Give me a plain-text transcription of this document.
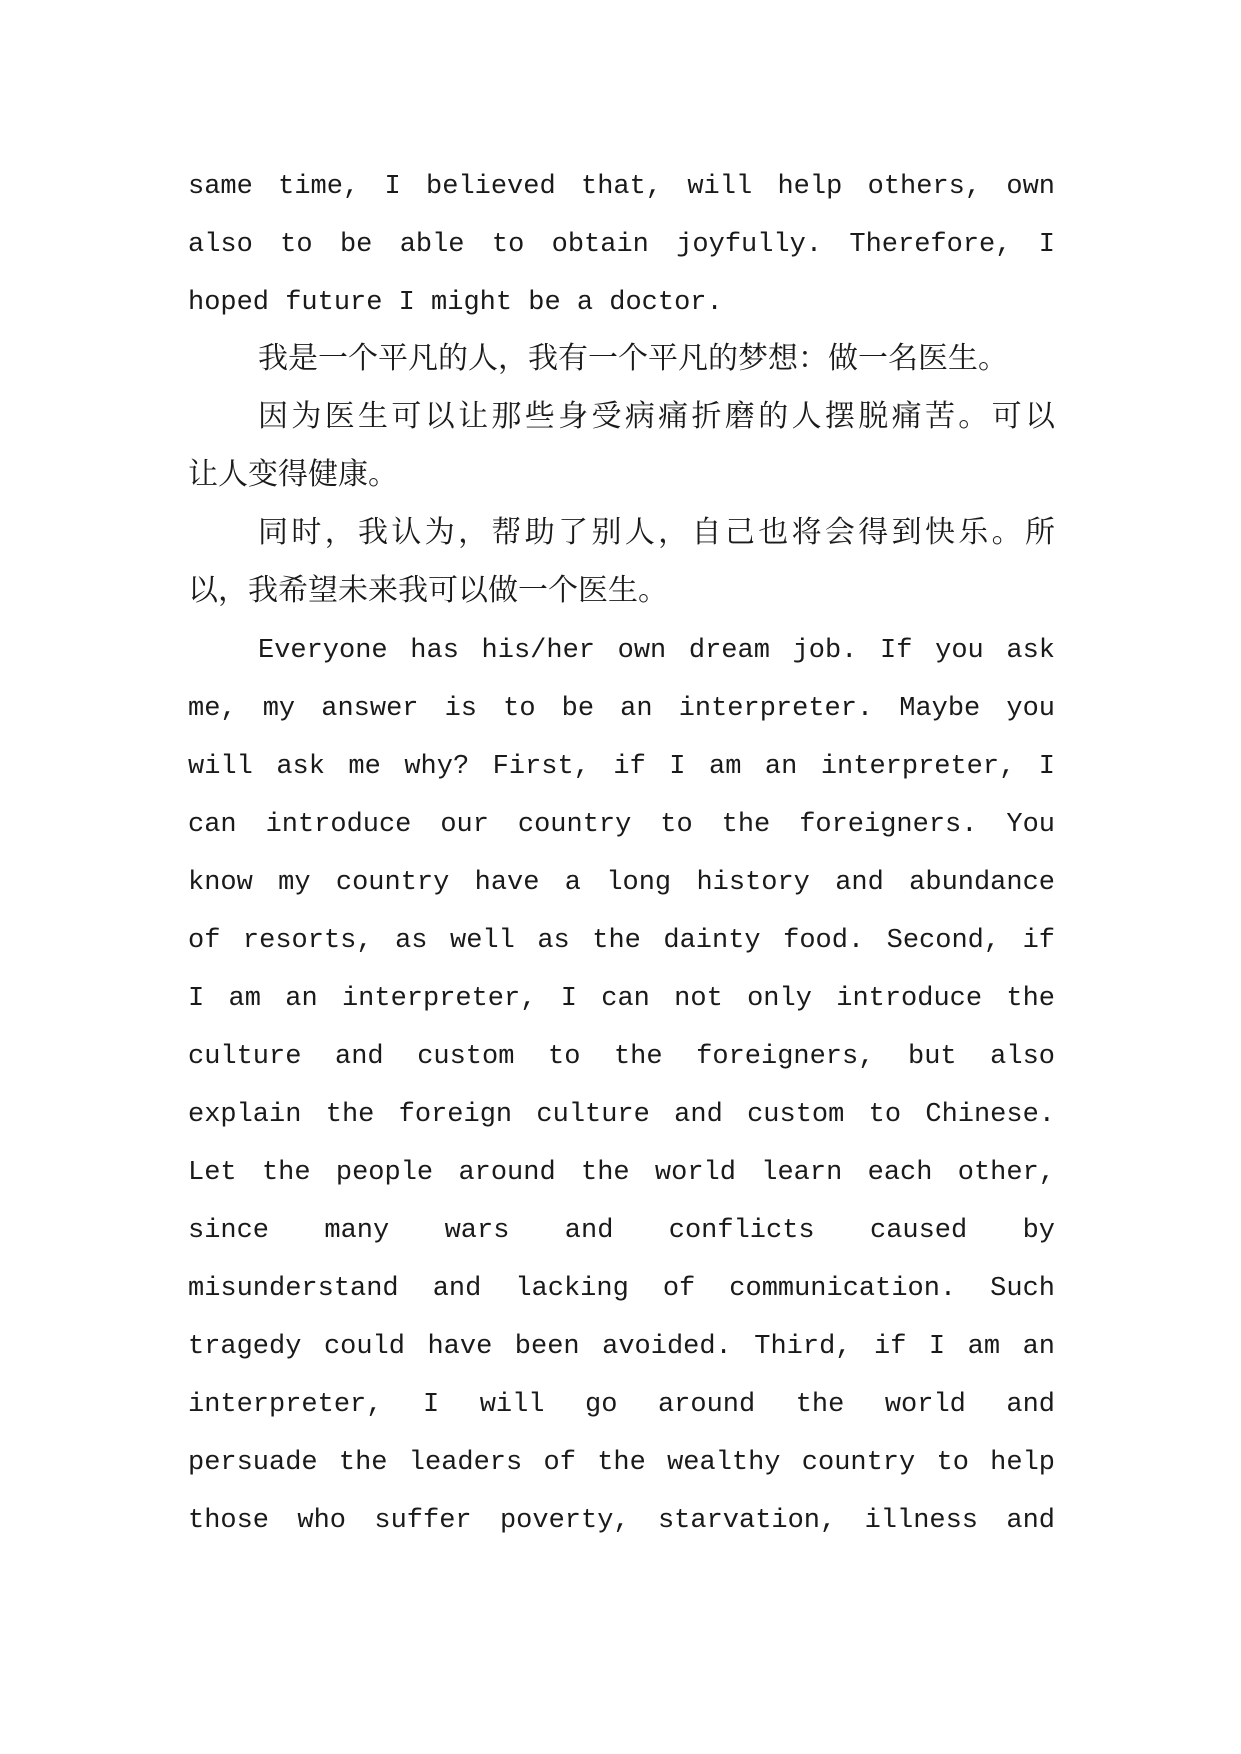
same time, I believed that, will help others, own
also to be able to obtain joyfully. Therefore, I
hoped future I might be a doctor.
我是一个平凡的人，我有一个平凡的梦想：做一名医生。
因为医生可以让那些身受病痛折磨的人摆脱痛苦。可以
让人变得健康。
同时，我认为，帮助了别人，自己也将会得到快乐。所
以，我希望未来我可以做一个医生。
Everyone has his/her own dream job. If you ask
me, my answer is to be an interpreter. Maybe you
will ask me why? First, if I am an interpreter, I
can introduce our country to the foreigners. You
know my country have a long history and abundance
of resorts, as well as the dainty food. Second, if
I am an interpreter, I can not only introduce the
culture and custom to the foreigners, but also
explain the foreign culture and custom to Chinese.
Let the people around the world learn each other,
since many wars and conflicts caused by
misunderstand and lacking of communication. Such
tragedy could have been avoided. Third, if I am an
interpreter, I will go around the world and
persuade the leaders of the wealthy country to help
those who suffer poverty, starvation, illness and
